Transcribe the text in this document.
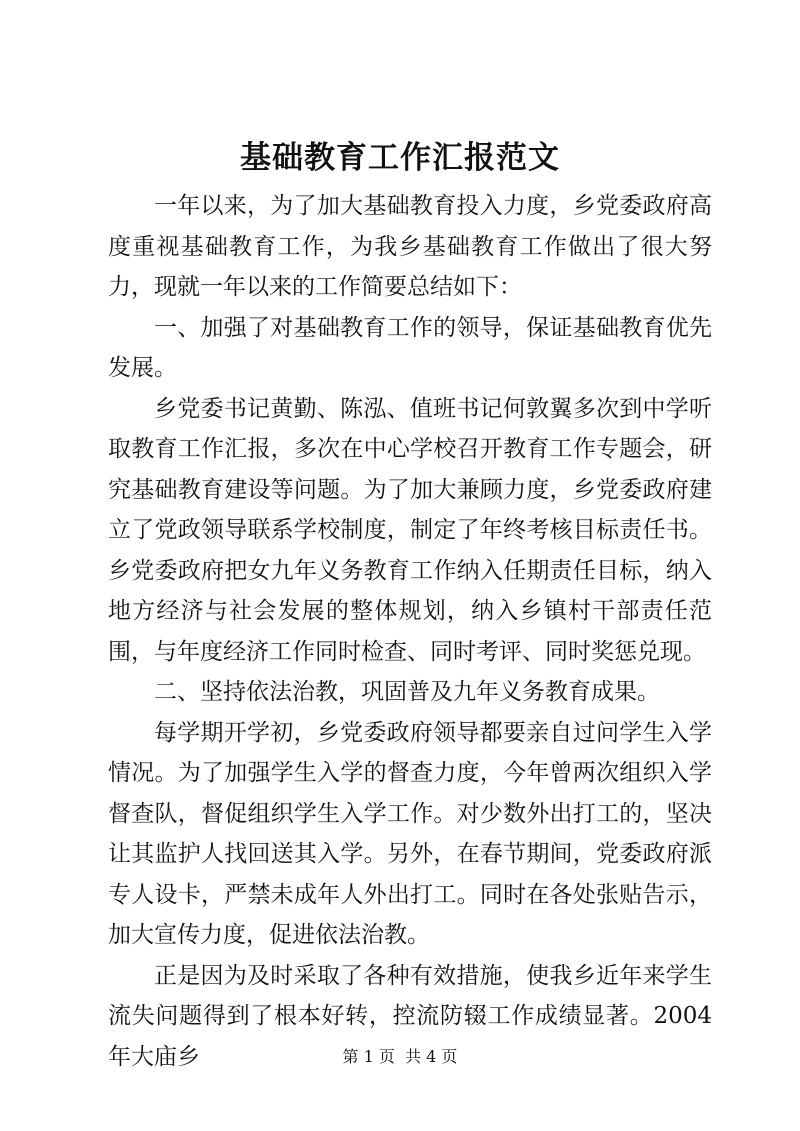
基础教育工作汇报范文

一年以来，为了加大基础教育投入力度，乡党委政府高度重视基础教育工作，为我乡基础教育工作做出了很大努力，现就一年以来的工作简要总结如下：

一、加强了对基础教育工作的领导，保证基础教育优先发展。

乡党委书记黄勤、陈泓、值班书记何敦翼多次到中学听取教育工作汇报，多次在中心学校召开教育工作专题会，研究基础教育建设等问题。为了加大兼顾力度，乡党委政府建立了党政领导联系学校制度，制定了年终考核目标责任书。乡党委政府把女九年义务教育工作纳入任期责任目标，纳入地方经济与社会发展的整体规划，纳入乡镇村干部责任范围，与年度经济工作同时检查、同时考评、同时奖惩兑现。

二、坚持依法治教，巩固普及九年义务教育成果。

每学期开学初，乡党委政府领导都要亲自过问学生入学情况。为了加强学生入学的督查力度，今年曾两次组织入学督查队，督促组织学生入学工作。对少数外出打工的，坚决让其监护人找回送其入学。另外，在春节期间，党委政府派专人设卡，严禁未成年人外出打工。同时在各处张贴告示，加大宣传力度，促进依法治教。

正是因为及时采取了各种有效措施，使我乡近年来学生流失问题得到了根本好转，控流防辍工作成绩显著。2004 年大庙乡	第 1 页  共 4 页
